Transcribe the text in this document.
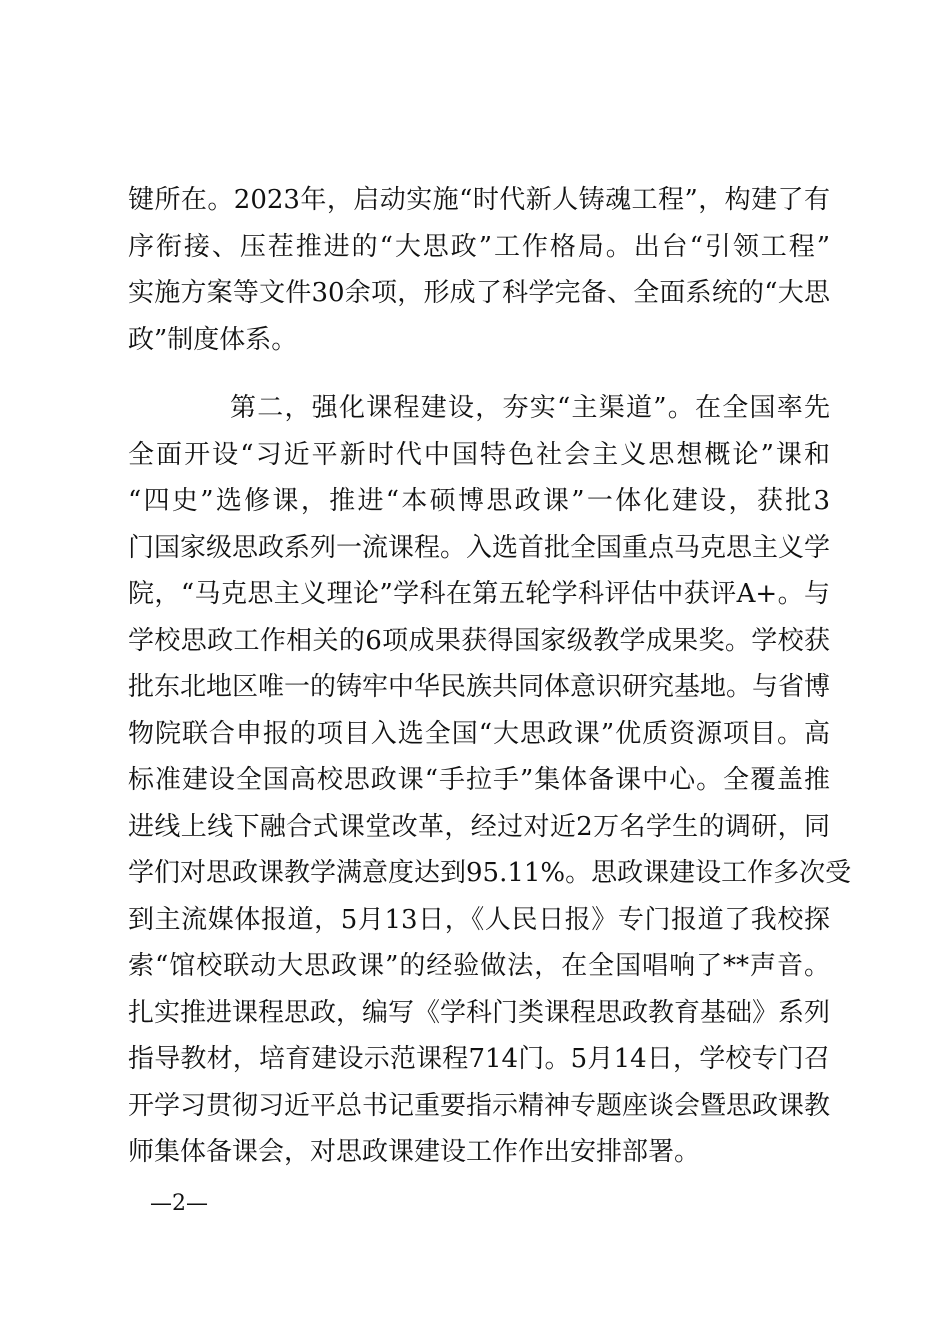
键所在。2023年，启动实施“时代新人铸魂工程”，构建了有
序衔接、压茬推进的“大思政”工作格局。出台“引领工程”
实施方案等文件30余项，形成了科学完备、全面系统的“大思
政”制度体系。
第二，强化课程建设，夯实“主渠道”。在全国率先
全面开设“习近平新时代中国特色社会主义思想概论”课和
“四史”选修课，推进“本硕博思政课”一体化建设，获批3
门国家级思政系列一流课程。入选首批全国重点马克思主义学
院，“马克思主义理论”学科在第五轮学科评估中获评A+。与
学校思政工作相关的6项成果获得国家级教学成果奖。学校获
批东北地区唯一的铸牢中华民族共同体意识研究基地。与省博
物院联合申报的项目入选全国“大思政课”优质资源项目。高
标准建设全国高校思政课“手拉手”集体备课中心。全覆盖推
进线上线下融合式课堂改革，经过对近2万名学生的调研，同
学们对思政课教学满意度达到95.11%。思政课建设工作多次受
到主流媒体报道，5月13日，《人民日报》专门报道了我校探
索“馆校联动大思政课”的经验做法，在全国唱响了**声音。
扎实推进课程思政，编写《学科门类课程思政教育基础》系列
指导教材，培育建设示范课程714门。5月14日，学校专门召
开学习贯彻习近平总书记重要指示精神专题座谈会暨思政课教
师集体备课会，对思政课建设工作作出安排部署。
—2—
